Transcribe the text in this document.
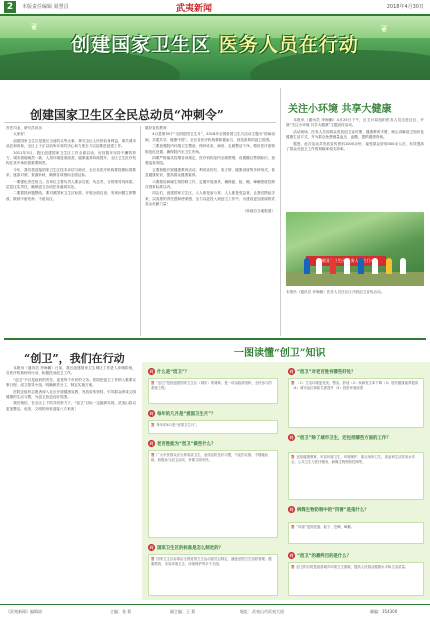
2	本版责任编辑 聂慧昌	武夷新闻	2018年4月30日
❦	❦
创建国家卫生区 医务人员在行动
创建国家卫生区全民总动员“冲刺令”

首任司业，研究员向乐：

大家好！

创建国家卫生区是我区当前的头等大事，事关全区人民的切身利益，事关城市品位和形象，全区上下正以前所未有的决心和力度全力以赴推进创建工作。

2011年3月，我区创建国家卫生区工作全面启动，历经数年坚持不懈的努力，城市面貌焕然一新，人居环境显著改善，健康素养持续提升，全区卫生医疗机构在其中承担着重要职责。

今年，我们将迎接国家卫生区技术评估与暗访，全区各医疗机构要按照标准要求，逐条对照、查漏补缺，确保各项指标全面达标。

一要强化责任担当。各单位主要负责人要亲自抓、负总责，分管领导具体抓，层层压实责任，确保创卫各项任务落到实处。

二要狠抓问题整改。要对照国家卫生区标准，开展全面自查，发现问题立即整改，做到不留死角、不留盲区。

做好宣传教育：

4月是第30个“全国爱国卫生月”，2018年全国爱国卫生月活动主题为“防病治病，共建共享，健康中国”。全区各医疗机构要积极参与，营造浓厚的创卫氛围。

三要加强院内环境卫生整治，保持诊室、病房、走廊整洁干净，做好医疗废物规范化处置，确保院内无卫生死角。

四要严格落实控烟各项规定，医疗机构室内全面禁烟，设置醒目禁烟标识，加强巡查劝阻。

五要积极开展健康教育活动，利用宣传栏、电子屏、健康讲座等多种形式，普及健康知识，提高群众健康素养。

六要做好病媒生物防制工作，定期开展消杀，确保鼠、蚊、蝇、蟑螂密度控制在国家标准以内。

同志们，创建国家卫生区，人人都是参与者、人人都是受益者。让我们携起手来，以高度的责任感和使命感，全力以赴投入到创卫工作中，为建设更加美丽的武夷山贡献力量！

（转载自当地报道）

关注小环境 共享大健康

本报讯（通讯员 李海鹏）4月25日下午，区卫计局组织医务人员走进社区，开展“关注小环境 共享大健康”主题宣传活动。

活动现场，医务人员向群众发放创卫宣传册、健康教育手册，耐心讲解创卫知识及健康生活方式，并为群众免费测量血压、血糖，提供健康咨询。

据悉，此次活动共发放宣传资料1000余份，接受群众咨询300余人次，有效提高了群众对创卫工作的知晓率和支持率。

本报讯（通讯员 李海鹏）医务人员在社区开展创卫宣传活动。
“创卫”，我们在行动

本报讯（通讯员 李海鹏）日前，我区创建国家卫生城区工作进入冲刺阶段，各医疗机构纷纷行动，积极投身创卫工作。

“创卫”不仅是政府的责任，更是每个市民的义务。医院把创卫工作纳入重要议事日程，成立领导小组，明确职责分工，制定实施方案。

医院还组织志愿者深入社区开展健康宣教，发放宣传资料，引导群众养成文明健康的生活习惯，为创卫营造良好氛围。

我们相信，在全区上下的共同努力下，“创卫”目标一定能够实现，武夷山将以更加整洁、优美、文明的形象迎接八方来客！

一图读懂“创卫”知识
问 什么是“创卫”？
答 “创卫”是指创建国家卫生区（城市）的简称，是一项由政府组织、全民参与的系统工程。
问 每年的几月是“爱国卫生月”？
答 每年的4月是“爱国卫生月”。
问 老百姓能为“创卫”做些什么？
答 广大市民群众应当养成讲卫生、爱清洁的良好习惯，不乱扔垃圾、不随地吐痰，积极参与创卫活动，争做文明市民。
问 国家卫生区的标准是怎么制定的？
答 国家卫生区标准由全国爱国卫生运动委员会制定，涵盖爱国卫生组织管理、健康教育、市容环境卫生、环境保护等多个方面。
问 “创卫”对老百姓有哪些好处？
答 （1）生活环境更优美、整洁、舒适（2）疾病发生率下降（3）居民健康素养提高（4）城市品位和知名度提升（5）投资环境改善
问 “创卫”除了城市卫生，还包括哪些方面的工作？
答 包括健康教育、市容环境卫生、环境保护、重点场所卫生、食品和生活饮用水安全、公共卫生与医疗服务、病媒生物预防控制等。
问 病媒生物防制中的“四害”是指什么？
答 “四害”是指老鼠、蚊子、苍蝇、蟑螂。
问 “创卫”的最终目的是什么？
答 创卫的目的是改善城乡环境卫生面貌，提高人民群众健康水平和生活质量。
《武夷新闻》编辑部	主编：张 莉	副主编：王 莉	地址：武夷山市武夷大道	邮编：354300
